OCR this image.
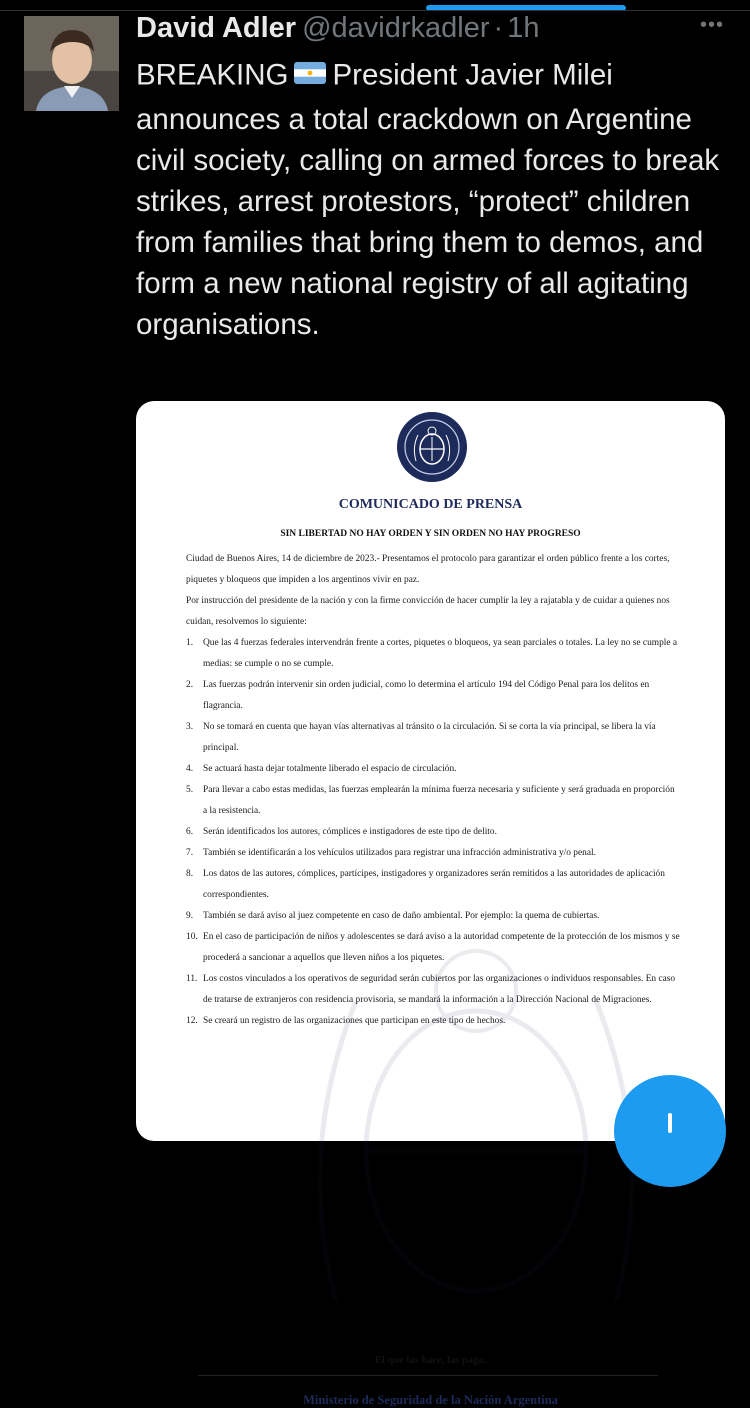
David Adler @davidrkadler · 1h	•••
BREAKING President Javier Milei announces a total crackdown on Argentine civil society, calling on armed forces to break strikes, arrest protestors, “protect” children from families that bring them to demos, and form a new national registry of all agitating organisations.
COMUNICADO DE PRENSA
SIN LIBERTAD NO HAY ORDEN Y SIN ORDEN NO HAY PROGRESO

Ciudad de Buenos Aires, 14 de diciembre de 2023.- Presentamos el protocolo para garantizar el orden público frente a los cortes, piquetes y bloqueos que impiden a los argentinos vivir en paz.

Por instrucción del presidente de la nación y con la firme convicción de hacer cumplir la ley a rajatabla y de cuidar a quienes nos cuidan, resolvemos lo siguiente:

1.	Que las 4 fuerzas federales intervendrán frente a cortes, piquetes o bloqueos, ya sean parciales o totales. La ley no se cumple a medias: se cumple o no se cumple.
2.	Las fuerzas podrán intervenir sin orden judicial, como lo determina el artículo 194 del Código Penal para los delitos en flagrancia.
3.	No se tomará en cuenta que hayan vías alternativas al tránsito o la circulación. Si se corta la vía principal, se libera la vía principal.
4.	Se actuará hasta dejar totalmente liberado el espacio de circulación.
5.	Para llevar a cabo estas medidas, las fuerzas emplearán la mínima fuerza necesaria y suficiente y será graduada en proporción a la resistencia.
6.	Serán identificados los autores, cómplices e instigadores de este tipo de delito.
7.	También se identificarán a los vehículos utilizados para registrar una infracción administrativa y/o penal.
8.	Los datos de las autores, cómplices, partícipes, instigadores y organizadores serán remitidos a las autoridades de aplicación correspondientes.
9.	También se dará aviso al juez competente en caso de daño ambiental. Por ejemplo: la quema de cubiertas.
10. En el caso de participación de niños y adolescentes se dará aviso a la autoridad competente de la protección de los mismos y se procederá a sancionar a aquellos que lleven niños a los piquetes.
11. Los costos vinculados a los operativos de seguridad serán cubiertos por las organizaciones o individuos responsables. En caso de tratarse de extranjeros con residencia provisoria, se mandará la información a la Dirección Nacional de Migraciones.
12. Se creará un registro de las organizaciones que participan en este tipo de hechos.
El que las hace, las paga.
Ministerio de Seguridad de la Nación Argentina
